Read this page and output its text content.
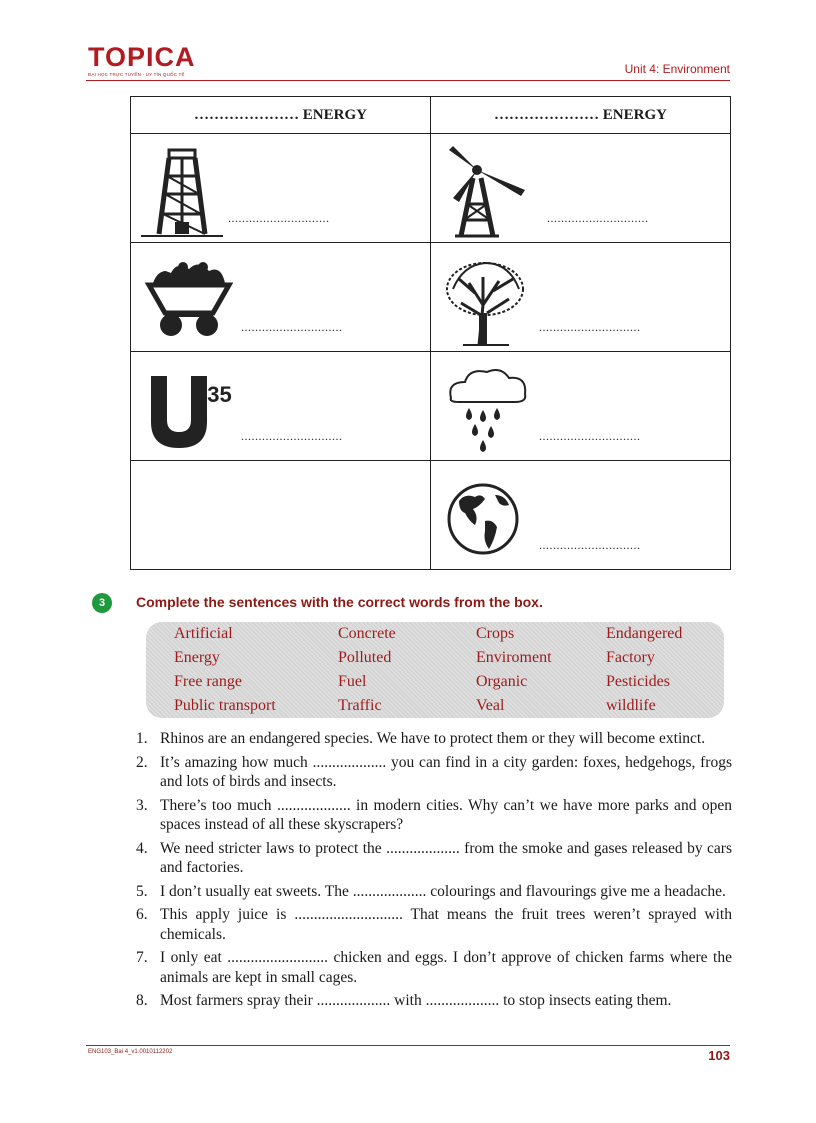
TOPICA
ĐẠI HỌC TRỰC TUYẾN - UY TÍN QUỐC TẾ	Unit 4: Environment
………………… ENERGY	………………… ENERGY

.............................	.............................

.............................	.............................

235
.............................	.............................

	.............................
3	Complete the sentences with the correct words from the box.
Artificial	Concrete	Crops	Endangered
Energy	Polluted	Enviroment	Factory
Free range	Fuel	Organic	Pesticides
Public transport	Traffic	Veal	wildlife
1. Rhinos are an endangered species. We have to protect them or they will become extinct.
2. It’s amazing how much ................... you can find in a city garden: foxes, hedgehogs, frogs and lots of birds and insects.
3. There’s too much ................... in modern cities. Why can’t we have more parks and open spaces instead of all these skyscrapers?
4. We need stricter laws to protect the ................... from the smoke and gases released by cars and factories.
5. I don’t usually eat sweets. The ................... colourings and flavourings give me a headache.
6. This apply juice is ............................ That means the fruit trees weren’t sprayed with chemicals.
7. I only eat .......................... chicken and eggs. I don’t approve of chicken farms where the animals are kept in small cages.
8. Most farmers spray their ................... with ................... to stop insects eating them.
ENG103_Bai 4_v1.0010112202	103
